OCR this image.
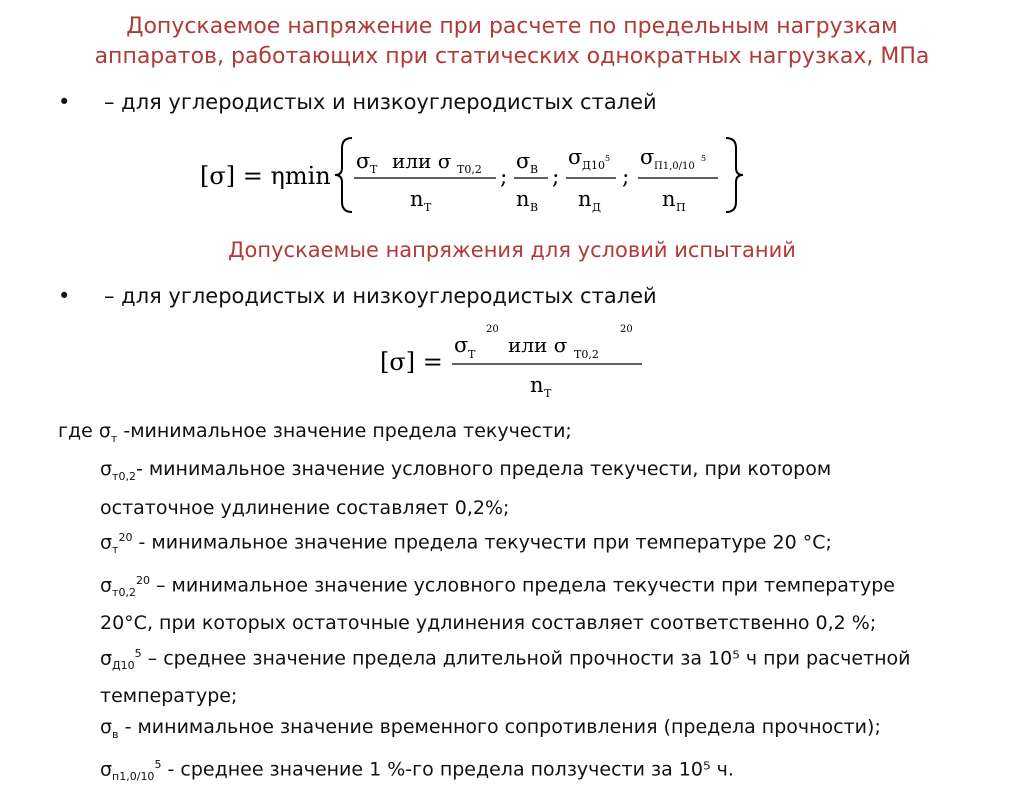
Допускаемое напряжение при расчете по предельным нагрузкам
аппаратов, работающих при статических однократных нагрузках, МПа
• – для углеродистых и низкоуглеродистых сталей
[σ] = ηmin
σ Т или σ Т0,2
n Т
;
σ В
n В
;
σ Д10
5
n Д
;
σ П1,0/10
5
n П
Допускаемые напряжения для условий испытаний
• – для углеродистых и низкоуглеродистых сталей
[σ] =
σ
20
Т или σ Т0,2
20
n Т
где $\sigma_т$ -минимальное значение предела текучести;
$\sigma_{т0,2}-$ минимальное значение условного предела текучести, при котором
остаточное удлинение составляет 0,2%;
$\sigma_т^{20}$ - минимальное значение предела текучести при температуре 20 °С;
$\sigma_{т0,2}^{20}$ – минимальное значение условного предела текучести при температуре
20°С, при которых остаточные удлинения составляет соответственно 0,2 %;
$\sigma_{Д10}^5$ – среднее значение предела длительной прочности за 10⁵ ч при расчетной
температуре;
$\sigma_в$ - минимальное значение временного сопротивления (предела прочности);
$\sigma_{п1,0/10}^5$ - среднее значение 1 %-го предела ползучести за 10⁵ ч.
